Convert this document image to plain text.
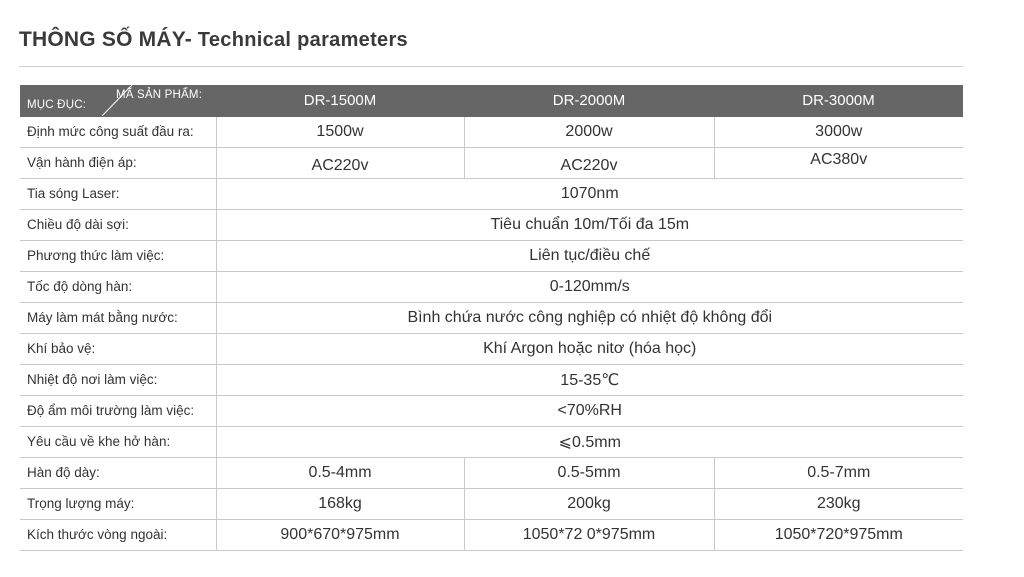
THÔNG SỐ MÁY- Technical parameters
MỤC ĐỤC:
MÃ SẢN PHẨM:	DR-1500M	DR-2000M	DR-3000M
Định mức công suất đầu ra:	1500w	2000w	3000w
Vận hành điện áp:	AC220v	AC220v	AC380v
Tia sóng Laser:	1070nm		
Chiều độ dài sợi:	Tiêu chuẩn 10m/Tối đa 15m		
Phương thức làm việc:	Liên tục/điều chế		
Tốc độ dòng hàn:	0-120mm/s		
Máy làm mát bằng nước:	Bình chứa nước công nghiệp có nhiệt độ không đổi		
Khí bảo vệ:	Khí Argon hoặc nitơ (hóa học)		
Nhiệt độ nơi làm việc:	15-35℃		
Độ ẩm môi trường làm việc:	<70%RH		
Yêu cầu về khe hở hàn:	⩽0.5mm		
Hàn độ dày:	0.5-4mm	0.5-5mm	0.5-7mm
Trọng lượng máy:	168kg	200kg	230kg
Kích thước vòng ngoài:	900*670*975mm	1050*72 0*975mm	1050*720*975mm
